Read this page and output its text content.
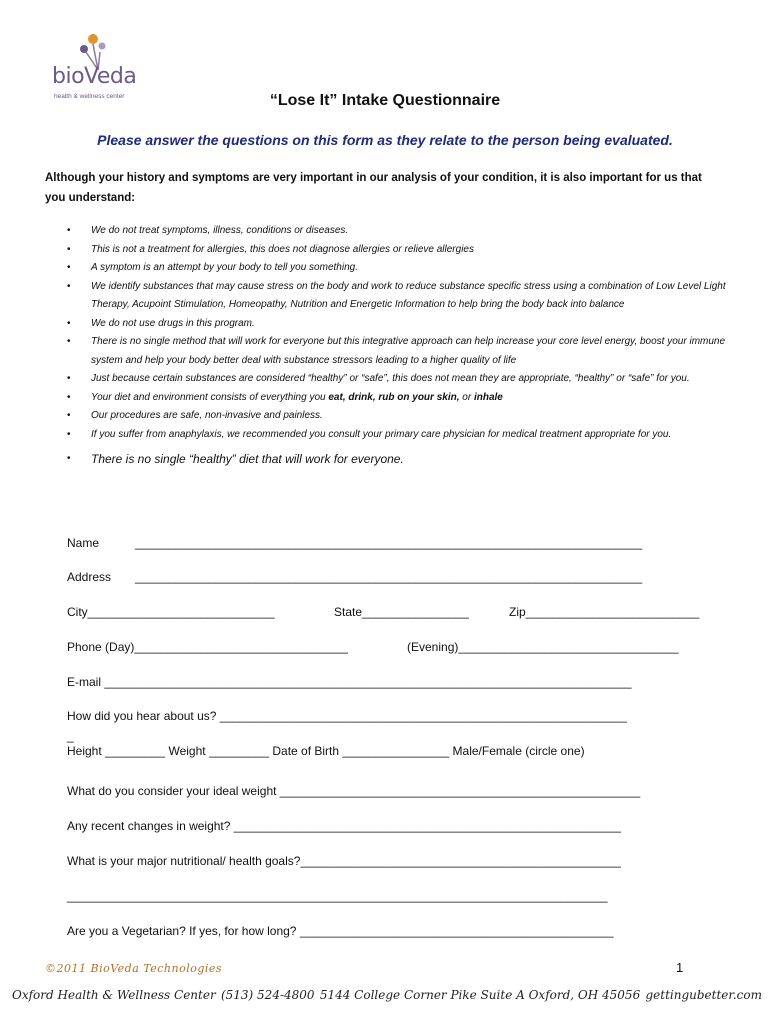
bioVeda
health & wellness center	“Lose It” Intake Questionnaire
Please answer the questions on this form as they relate to the person being evaluated.
Although your history and symptoms are very important in our analysis of your condition, it is also important for us that you understand:
• We do not treat symptoms, illness, conditions or diseases.
• This is not a treatment for allergies, this does not diagnose allergies or relieve allergies
• A symptom is an attempt by your body to tell you something.
• We identify substances that may cause stress on the body and work to reduce substance specific stress using a combination of Low Level Light Therapy, Acupoint Stimulation, Homeopathy, Nutrition and Energetic Information to help bring the body back into balance
• We do not use drugs in this program.
• There is no single method that will work for everyone but this integrative approach can help increase your core level energy, boost your immune system and help your body better deal with substance stressors leading to a higher quality of life
• Just because certain substances are considered “healthy” or “safe”, this does not mean they are appropriate, “healthy” or “safe” for you.
• Your diet and environment consists of everything you eat, drink, rub on your skin, or inhale
• Our procedures are safe, non-invasive and painless.
• If you suffer from anaphylaxis, we recommended you consult your primary care physician for medical treatment appropriate for you.
• There is no single “healthy” diet that will work for everyone.
Name	____________________________________________________________________________
Address ____________________________________________________________________________
City____________________________	State________________	Zip__________________________
Phone (Day)________________________________	(Evening)_________________________________
E-mail _______________________________________________________________________________
How did you hear about us? _____________________________________________________________
_
Height _________ Weight _________ Date of Birth ________________ Male/Female (circle one)
What do you consider your ideal weight ______________________________________________________
Any recent changes in weight? __________________________________________________________
What is your major nutritional/ health goals?________________________________________________
_________________________________________________________________________________
Are you a Vegetarian? If yes, for how long? _______________________________________________
©2011 BioVeda Technologies	1
Oxford Health & Wellness Center (513) 524-4800 5144 College Corner Pike Suite A Oxford, OH 45056 gettingubetter.com
